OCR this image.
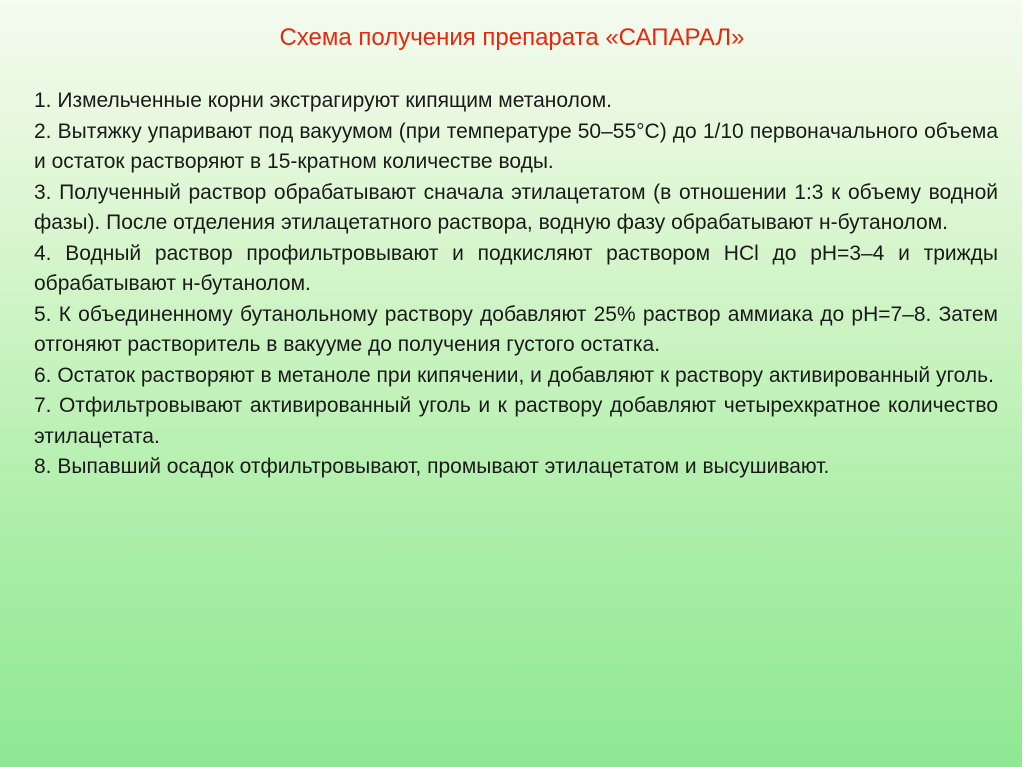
Схема получения препарата «САПАРАЛ»
1. Измельченные корни экстрагируют кипящим метанолом.
2. Вытяжку упаривают под вакуумом (при температуре 50–55°С) до 1/10 первоначального объема и остаток растворяют в 15-кратном количестве воды.
3. Полученный раствор обрабатывают сначала этилацетатом (в отношении 1:3 к объему водной фазы). После отделения этилацетатного раствора, водную фазу обрабатывают н-бутанолом.
4. Водный раствор профильтровывают и подкисляют раствором HCl до pH=3–4 и трижды обрабатывают н-бутанолом.
5. К объединенному бутанольному раствору добавляют 25% раствор аммиака до pH=7–8. Затем отгоняют растворитель в вакууме до получения густого остатка.
6. Остаток растворяют в метаноле при кипячении, и добавляют к раствору активированный уголь.
7. Отфильтровывают активированный уголь и к раствору добавляют четырехкратное количество этилацетата.
8. Выпавший осадок отфильтровывают, промывают этилацетатом и высушивают.
